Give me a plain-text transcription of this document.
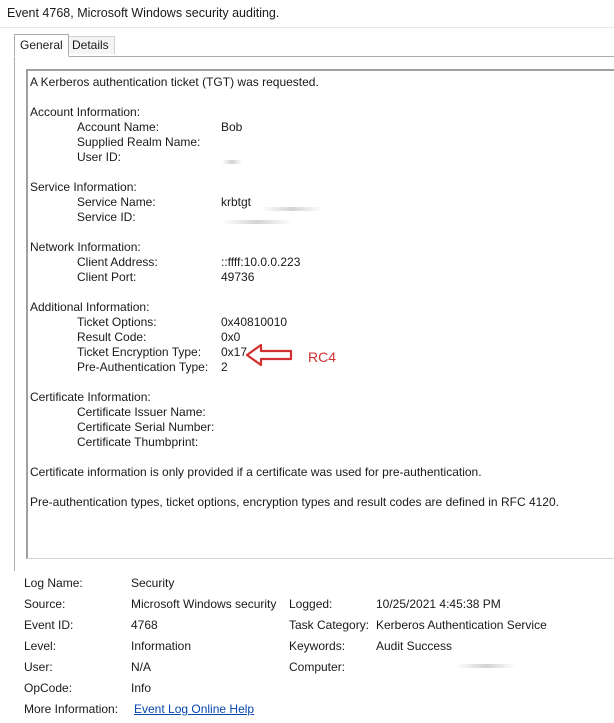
Event 4768, Microsoft Windows security auditing.
General Details
A Kerberos authentication ticket (TGT) was requested.
Account Information:
Account Name:	Bob
Supplied Realm Name:
User ID:
Service Information:
Service Name:	krbtgt
Service ID:
Network Information:
Client Address:	::ffff:10.0.0.223
Client Port:	49736
Additional Information:
Ticket Options:	0x40810010
Result Code:	0x0
Ticket Encryption Type: 0x17
Pre-Authentication Type: 2
RC4
Certificate Information:
Certificate Issuer Name:
Certificate Serial Number:
Certificate Thumbprint:
Certificate information is only provided if a certificate was used for pre-authentication.
Pre-authentication types, ticket options, encryption types and result codes are defined in RFC 4120.
Log Name:	Security
Source:	Microsoft Windows security Logged:	10/25/2021 4:45:38 PM
Event ID:	4768	Task Category: Kerberos Authentication Service
Level:	Information	Keywords:	Audit Success
User:	N/A	Computer:
OpCode:	Info
More Information: Event Log Online Help
